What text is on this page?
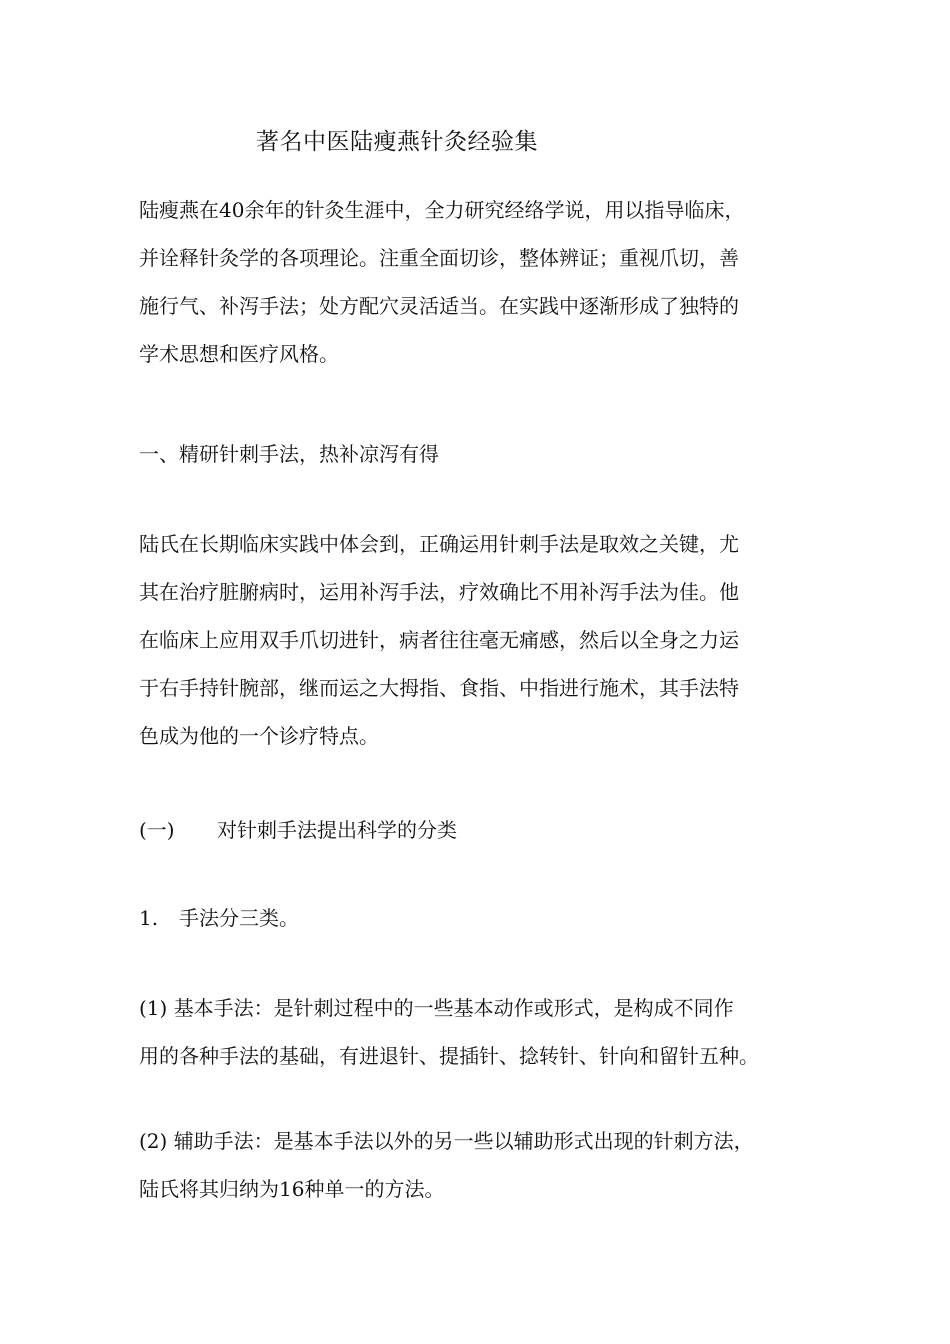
著名中医陆瘦燕针灸经验集
陆瘦燕在40余年的针灸生涯中，全力研究经络学说，用以指导临床，
并诠释针灸学的各项理论。注重全面切诊，整体辨证；重视爪切，善
施行气、补泻手法；处方配穴灵活适当。在实践中逐渐形成了独特的
学术思想和医疗风格。
一、精研针刺手法，热补凉泻有得
陆氏在长期临床实践中体会到，正确运用针刺手法是取效之关键，尤
其在治疗脏腑病时，运用补泻手法，疗效确比不用补泻手法为佳。他
在临床上应用双手爪切进针，病者往往毫无痛感，然后以全身之力运
于右手持针腕部，继而运之大拇指、食指、中指进行施术，其手法特
色成为他的一个诊疗特点。
(一) 对针刺手法提出科学的分类
1. 手法分三类。
(1) 基本手法：是针刺过程中的一些基本动作或形式，是构成不同作
用的各种手法的基础，有进退针、提插针、捻转针、针向和留针五种。
(2) 辅助手法：是基本手法以外的另一些以辅助形式出现的针刺方法，
陆氏将其归纳为16种单一的方法。
